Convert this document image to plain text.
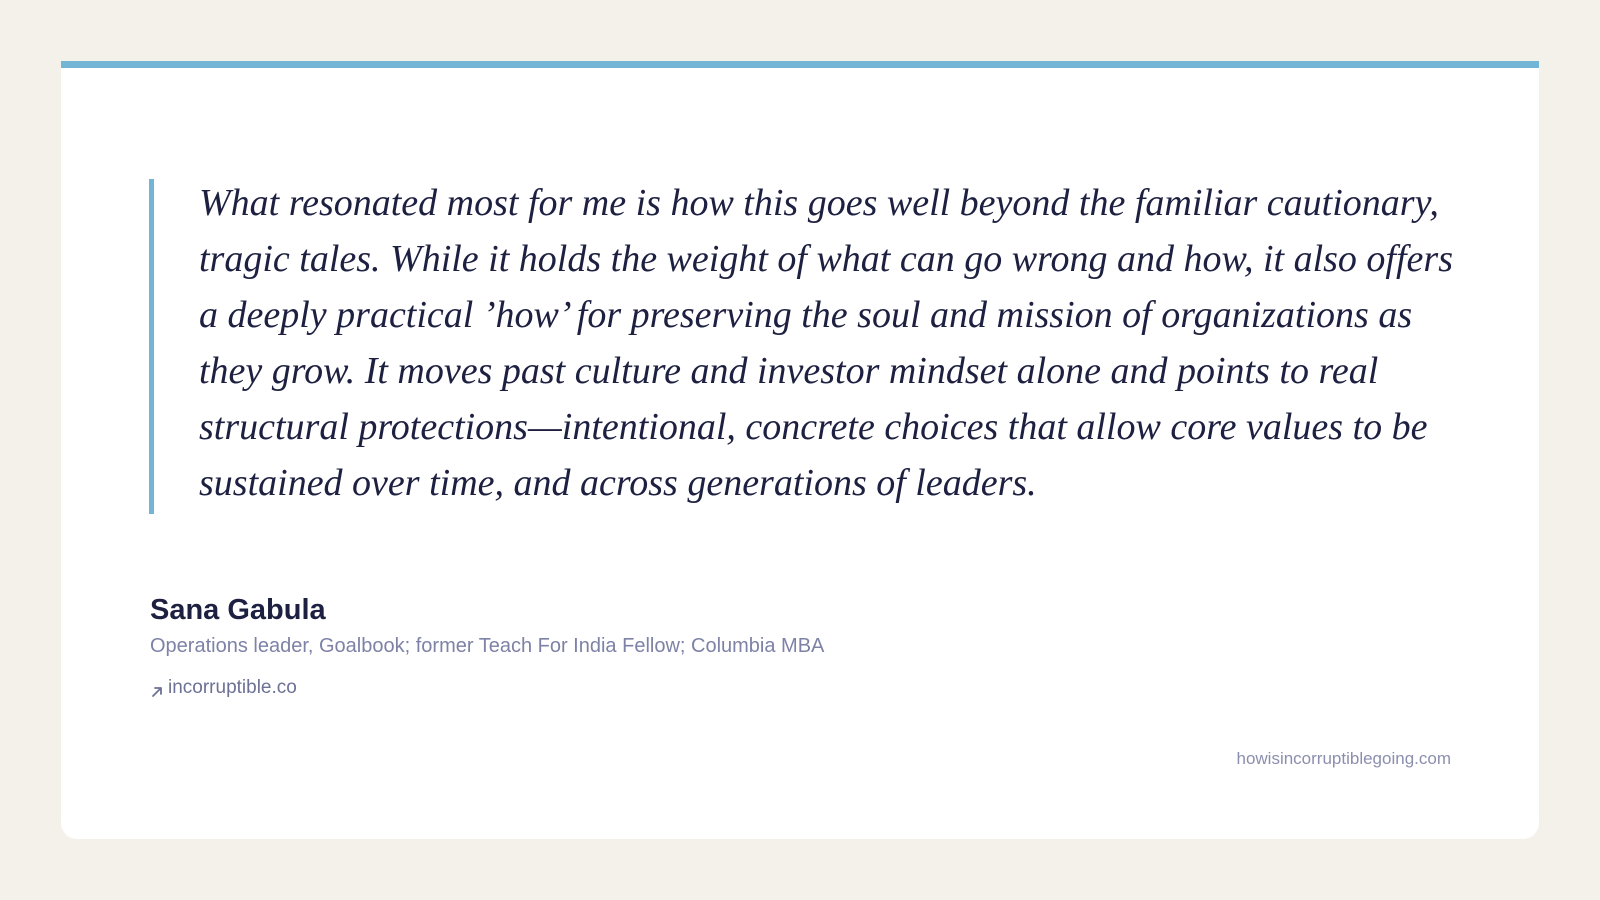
What resonated most for me is how this goes well beyond the familiar cautionary, tragic tales. While it holds the weight of what can go wrong and how, it also offers a deeply practical ’how’ for preserving the soul and mission of organizations as they grow. It moves past culture and investor mindset alone and points to real structural protections—intentional, concrete choices that allow core values to be sustained over time, and across generations of leaders.

Sana Gabula

Operations leader, Goalbook; former Teach For India Fellow; Columbia MBA

incorruptible.co

howisincorruptiblegoing.com
